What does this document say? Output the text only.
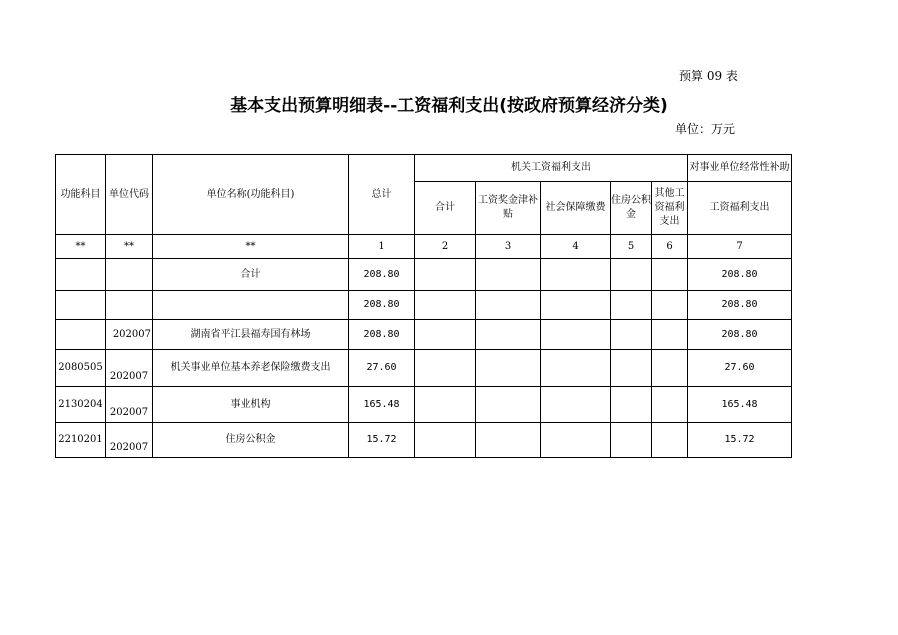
预算 09 表
基本支出预算明细表--工资福利支出(按政府预算经济分类)
单位：万元
功能科目	单位代码	单位名称(功能科目)	总计	机关工资福利支出					对事业单位经常性补助
				合计	工资奖金津补贴	社会保障缴费	住房公积金	其他工资福利支出	工资福利支出
**	**	**	1	2	3	4	5	6	7
		合计	208.80						208.80
			208.80						208.80
	202007	湖南省平江县福寿国有林场	208.80						208.80
2080505	202007	机关事业单位基本养老保险缴费支出	27.60						27.60
2130204	202007	事业机构	165.48						165.48
2210201	202007	住房公积金	15.72						15.72
